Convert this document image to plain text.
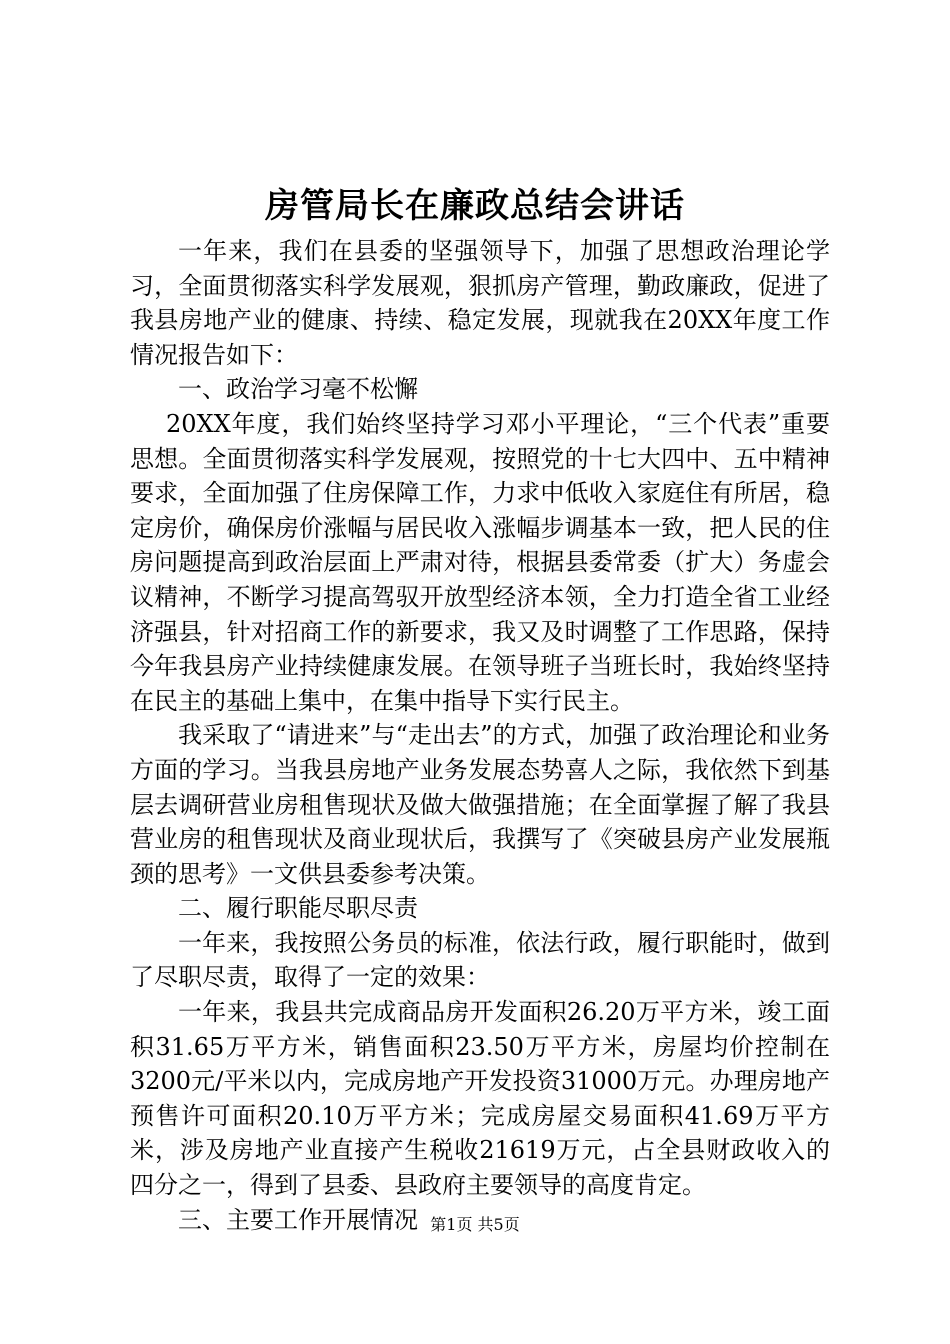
房管局长在廉政总结会讲话

一年来，我们在县委的坚强领导下，加强了思想政治理论学习，全面贯彻落实科学发展观，狠抓房产管理，勤政廉政，促进了我县房地产业的健康、持续、稳定发展，现就我在20XX年度工作情况报告如下：

一、政治学习毫不松懈

20XX年度，我们始终坚持学习邓小平理论，“三个代表”重要思想。全面贯彻落实科学发展观，按照党的十七大四中、五中精神要求，全面加强了住房保障工作，力求中低收入家庭住有所居，稳定房价，确保房价涨幅与居民收入涨幅步调基本一致，把人民的住房问题提高到政治层面上严肃对待，根据县委常委（扩大）务虚会议精神，不断学习提高驾驭开放型经济本领，全力打造全省工业经济强县，针对招商工作的新要求，我又及时调整了工作思路，保持今年我县房产业持续健康发展。在领导班子当班长时，我始终坚持在民主的基础上集中，在集中指导下实行民主。

我采取了“请进来”与“走出去”的方式，加强了政治理论和业务方面的学习。当我县房地产业务发展态势喜人之际，我依然下到基层去调研营业房租售现状及做大做强措施；在全面掌握了解了我县营业房的租售现状及商业现状后，我撰写了《突破县房产业发展瓶颈的思考》一文供县委参考决策。

二、履行职能尽职尽责

一年来，我按照公务员的标准，依法行政，履行职能时，做到了尽职尽责，取得了一定的效果：

一年来，我县共完成商品房开发面积26.20万平方米，竣工面积31.65万平方米，销售面积23.50万平方米，房屋均价控制在3200元/平米以内，完成房地产开发投资31000万元。办理房地产预售许可面积20.10万平方米；完成房屋交易面积41.69万平方米，涉及房地产业直接产生税收21619万元，占全县财政收入的四分之一，得到了县委、县政府主要领导的高度肯定。

三、主要工作开展情况 第1页 共5页
